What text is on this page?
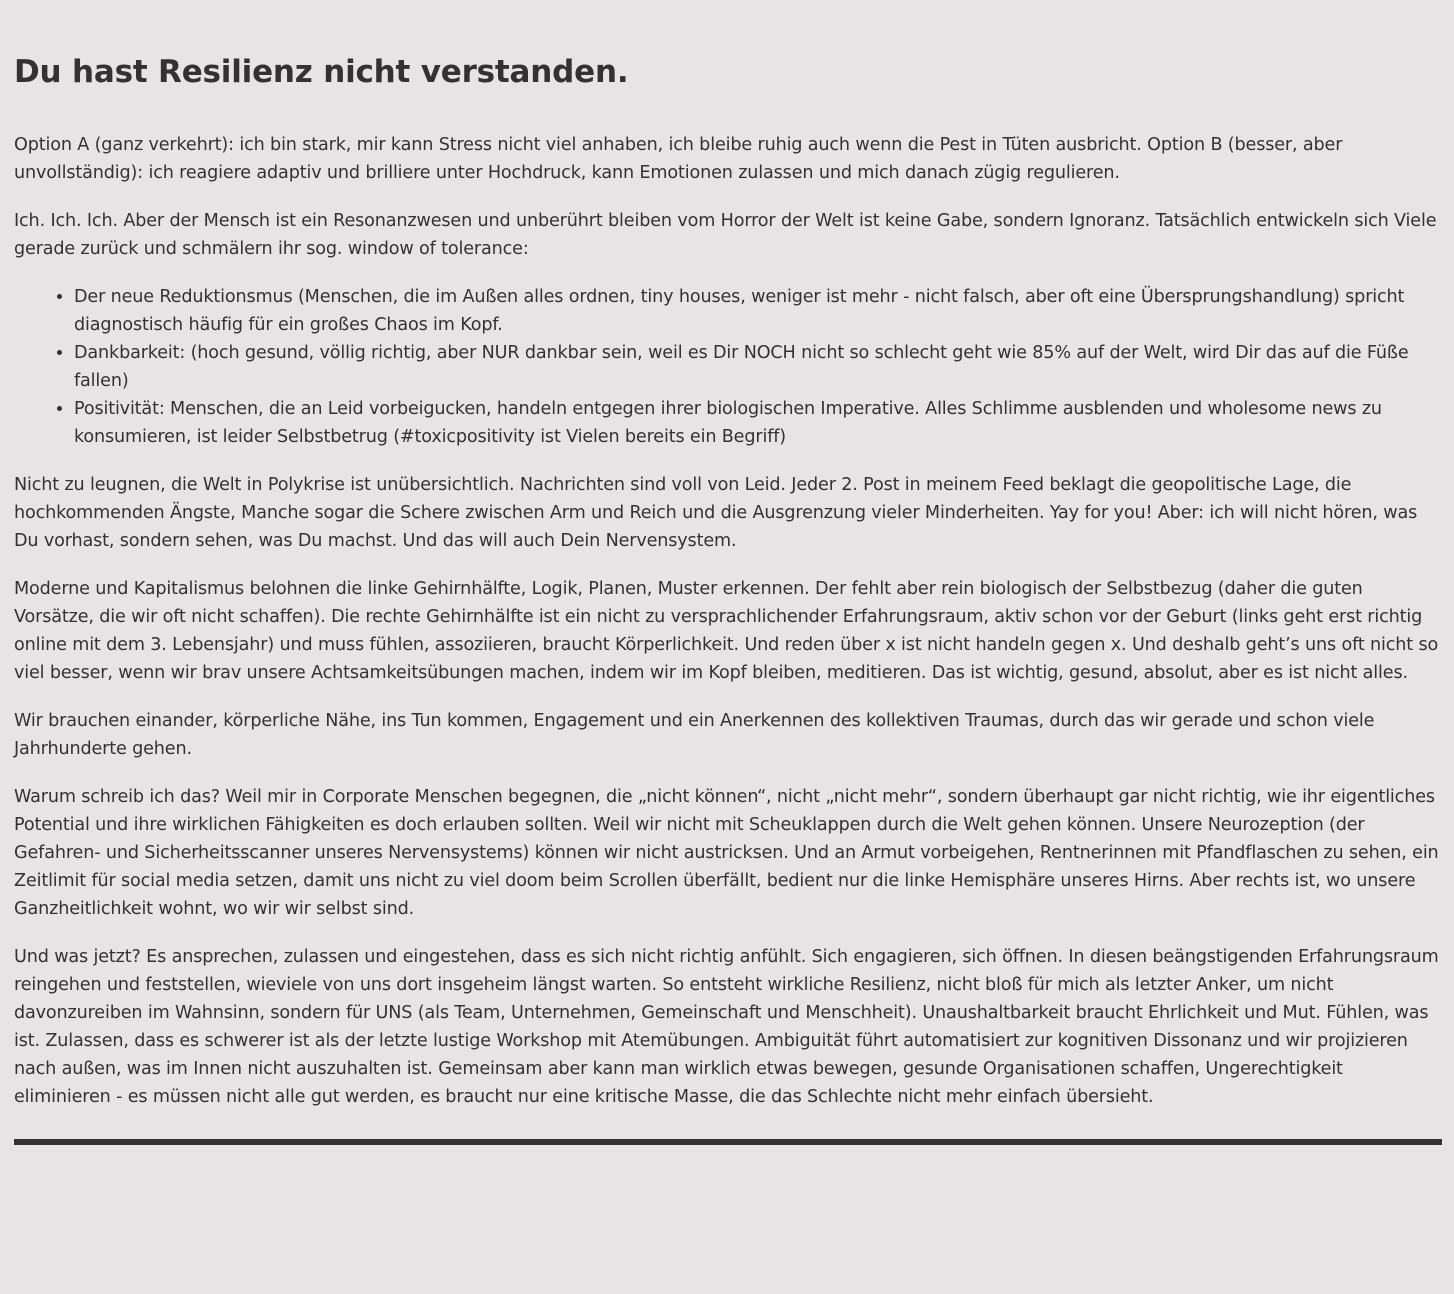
Du hast Resilienz nicht verstanden.

Option A (ganz verkehrt): ich bin stark, mir kann Stress nicht viel anhaben, ich bleibe ruhig auch wenn die Pest in Tüten ausbricht. Option B (besser, aber unvollständig): ich reagiere adaptiv und brilliere unter Hochdruck, kann Emotionen zulassen und mich danach zügig regulieren.

Ich. Ich. Ich. Aber der Mensch ist ein Resonanzwesen und unberührt bleiben vom Horror der Welt ist keine Gabe, sondern Ignoranz. Tatsächlich entwickeln sich Viele gerade zurück und schmälern ihr sog. window of tolerance:

• Der neue Reduktionsmus (Menschen, die im Außen alles ordnen, tiny houses, weniger ist mehr - nicht falsch, aber oft eine Übersprungshandlung) spricht diagnostisch häufig für ein großes Chaos im Kopf.
• Dankbarkeit: (hoch gesund, völlig richtig, aber NUR dankbar sein, weil es Dir NOCH nicht so schlecht geht wie 85% auf der Welt, wird Dir das auf die Füße fallen)
• Positivität: Menschen, die an Leid vorbeigucken, handeln entgegen ihrer biologischen Imperative. Alles Schlimme ausblenden und wholesome news zu konsumieren, ist leider Selbstbetrug (#toxicpositivity ist Vielen bereits ein Begriff)

Nicht zu leugnen, die Welt in Polykrise ist unübersichtlich. Nachrichten sind voll von Leid. Jeder 2. Post in meinem Feed beklagt die geopolitische Lage, die hochkommenden Ängste, Manche sogar die Schere zwischen Arm und Reich und die Ausgrenzung vieler Minderheiten. Yay for you! Aber: ich will nicht hören, was Du vorhast, sondern sehen, was Du machst. Und das will auch Dein Nervensystem.

Moderne und Kapitalismus belohnen die linke Gehirnhälfte, Logik, Planen, Muster erkennen. Der fehlt aber rein biologisch der Selbstbezug (daher die guten Vorsätze, die wir oft nicht schaffen). Die rechte Gehirnhälfte ist ein nicht zu versprachlichender Erfahrungsraum, aktiv schon vor der Geburt (links geht erst richtig online mit dem 3. Lebensjahr) und muss fühlen, assoziieren, braucht Körperlichkeit. Und reden über x ist nicht handeln gegen x. Und deshalb geht’s uns oft nicht so viel besser, wenn wir brav unsere Achtsamkeitsübungen machen, indem wir im Kopf bleiben, meditieren. Das ist wichtig, gesund, absolut, aber es ist nicht alles.

Wir brauchen einander, körperliche Nähe, ins Tun kommen, Engagement und ein Anerkennen des kollektiven Traumas, durch das wir gerade und schon viele Jahrhunderte gehen.

Warum schreib ich das? Weil mir in Corporate Menschen begegnen, die „nicht können“, nicht „nicht mehr“, sondern überhaupt gar nicht richtig, wie ihr eigentliches Potential und ihre wirklichen Fähigkeiten es doch erlauben sollten. Weil wir nicht mit Scheuklappen durch die Welt gehen können. Unsere Neurozeption (der Gefahren- und Sicherheitsscanner unseres Nervensystems) können wir nicht austricksen. Und an Armut vorbeigehen, Rentnerinnen mit Pfandflaschen zu sehen, ein Zeitlimit für social media setzen, damit uns nicht zu viel doom beim Scrollen überfällt, bedient nur die linke Hemisphäre unseres Hirns. Aber rechts ist, wo unsere Ganzheitlichkeit wohnt, wo wir wir selbst sind.

Und was jetzt? Es ansprechen, zulassen und eingestehen, dass es sich nicht richtig anfühlt. Sich engagieren, sich öffnen. In diesen beängstigenden Erfahrungsraum reingehen und feststellen, wieviele von uns dort insgeheim längst warten. So entsteht wirkliche Resilienz, nicht bloß für mich als letzter Anker, um nicht davonzureiben im Wahnsinn, sondern für UNS (als Team, Unternehmen, Gemeinschaft und Menschheit). Unaushaltbarkeit braucht Ehrlichkeit und Mut. Fühlen, was ist. Zulassen, dass es schwerer ist als der letzte lustige Workshop mit Atemübungen. Ambiguität führt automatisiert zur kognitiven Dissonanz und wir projizieren nach außen, was im Innen nicht auszuhalten ist. Gemeinsam aber kann man wirklich etwas bewegen, gesunde Organisationen schaffen, Ungerechtigkeit eliminieren - es müssen nicht alle gut werden, es braucht nur eine kritische Masse, die das Schlechte nicht mehr einfach übersieht.
